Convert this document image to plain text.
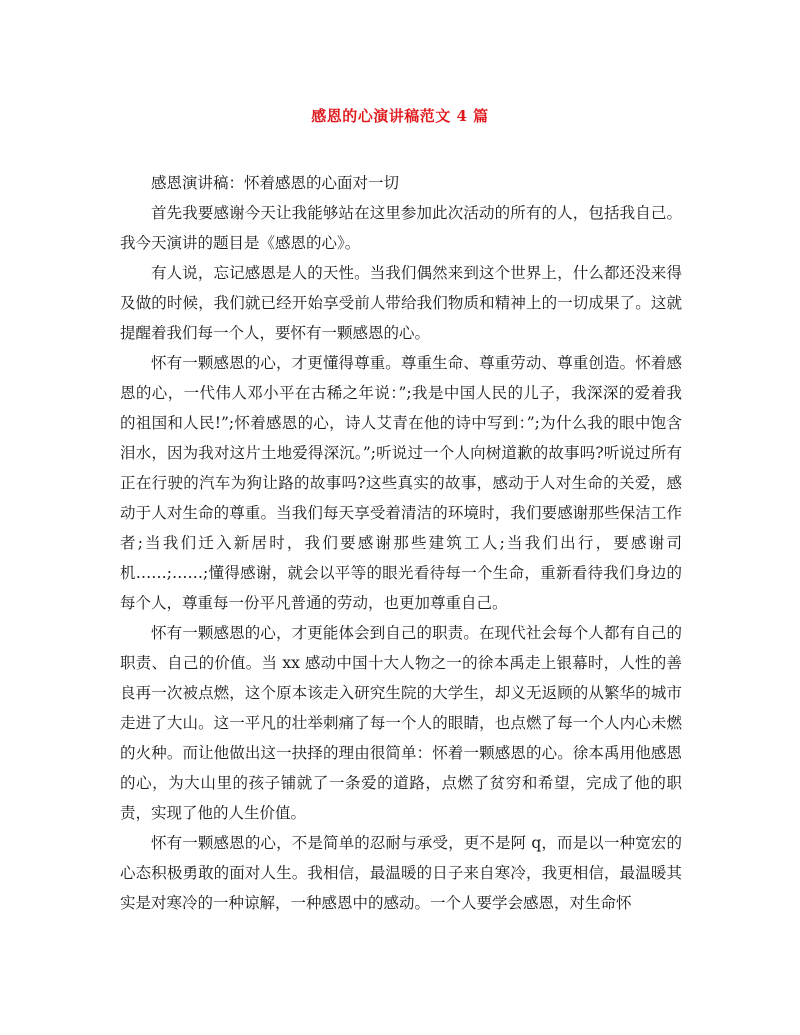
感恩的心演讲稿范文 4 篇

感恩演讲稿：怀着感恩的心面对一切

首先我要感谢今天让我能够站在这里参加此次活动的所有的人，包括我自己。我今天演讲的题目是《感恩的心》。

有人说，忘记感恩是人的天性。当我们偶然来到这个世界上，什么都还没来得及做的时候，我们就已经开始享受前人带给我们物质和精神上的一切成果了。这就提醒着我们每一个人，要怀有一颗感恩的心。

怀有一颗感恩的心，才更懂得尊重。尊重生命、尊重劳动、尊重创造。怀着感恩的心，一代伟人邓小平在古稀之年说：”;我是中国人民的儿子，我深深的爱着我的祖国和人民!”;怀着感恩的心，诗人艾青在他的诗中写到：”;为什么我的眼中饱含泪水，因为我对这片土地爱得深沉。”;听说过一个人向树道歉的故事吗?听说过所有正在行驶的汽车为狗让路的故事吗?这些真实的故事，感动于人对生命的关爱，感动于人对生命的尊重。当我们每天享受着清洁的环境时，我们要感谢那些保洁工作者;当我们迁入新居时，我们要感谢那些建筑工人;当我们出行，要感谢司机……;……;懂得感谢，就会以平等的眼光看待每一个生命，重新看待我们身边的每个人，尊重每一份平凡普通的劳动，也更加尊重自己。

怀有一颗感恩的心，才更能体会到自己的职责。在现代社会每个人都有自己的职责、自己的价值。当 xx 感动中国十大人物之一的徐本禹走上银幕时，人性的善良再一次被点燃，这个原本该走入研究生院的大学生，却义无返顾的从繁华的城市走进了大山。这一平凡的壮举刺痛了每一个人的眼睛，也点燃了每一个人内心未燃的火种。而让他做出这一抉择的理由很简单：怀着一颗感恩的心。徐本禹用他感恩的心，为大山里的孩子铺就了一条爱的道路，点燃了贫穷和希望，完成了他的职责，实现了他的人生价值。

怀有一颗感恩的心，不是简单的忍耐与承受，更不是阿 q，而是以一种宽宏的心态积极勇敢的面对人生。我相信，最温暖的日子来自寒冷，我更相信，最温暖其实是对寒冷的一种谅解，一种感恩中的感动。一个人要学会感恩，对生命怀
